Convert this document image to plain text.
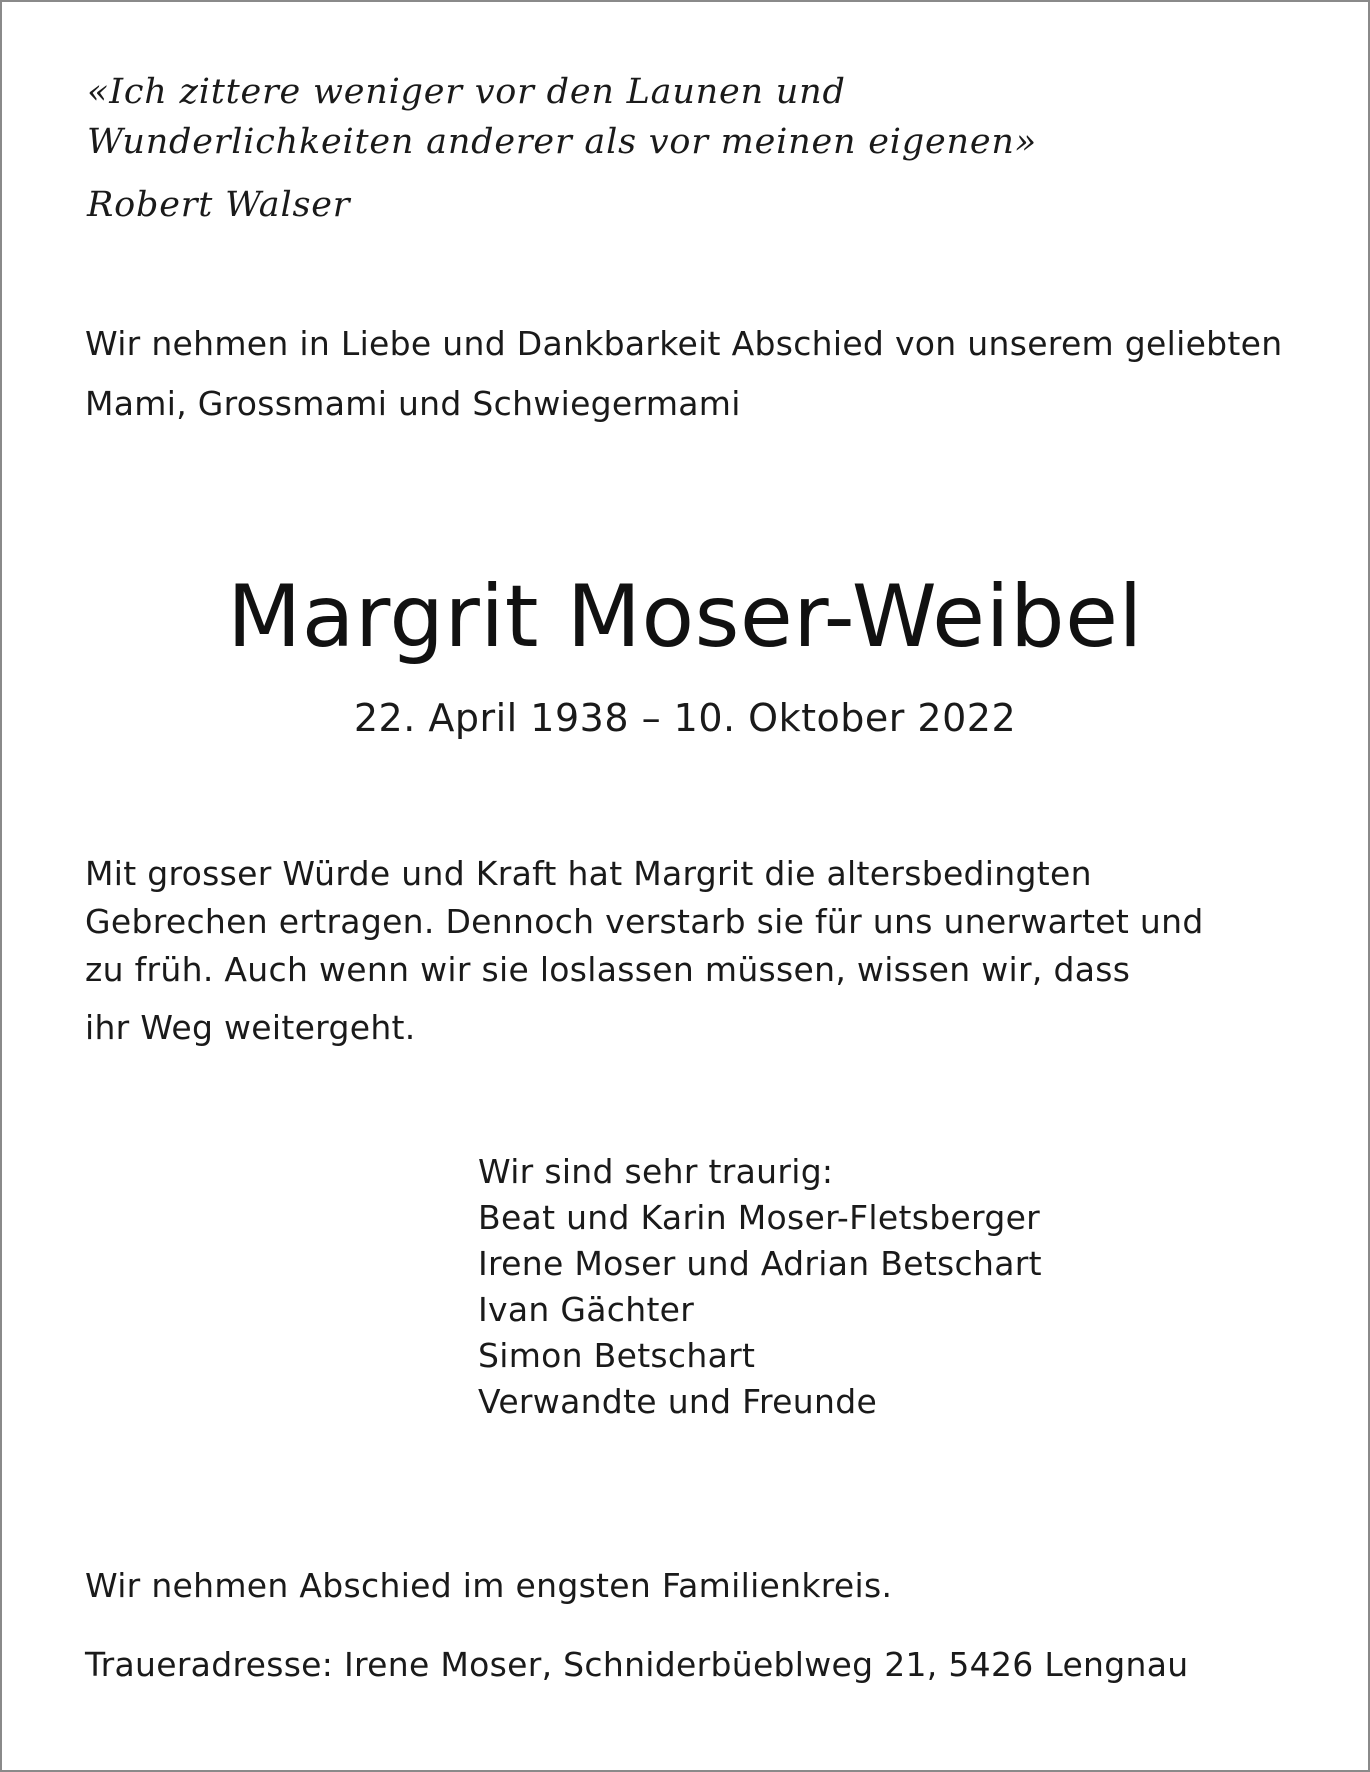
«Ich zittere weniger vor den Launen und
Wunderlichkeiten anderer als vor meinen eigenen»
Robert Walser
Wir nehmen in Liebe und Dankbarkeit Abschied von unserem geliebten
Mami, Grossmami und Schwiegermami
Margrit Moser-Weibel
22. April 1938 – 10. Oktober 2022
Mit grosser Würde und Kraft hat Margrit die altersbedingten
Gebrechen ertragen. Dennoch verstarb sie für uns unerwartet und
zu früh. Auch wenn wir sie loslassen müssen, wissen wir, dass
ihr Weg weitergeht.
Wir sind sehr traurig:
Beat und Karin Moser-Fletsberger
Irene Moser und Adrian Betschart
Ivan Gächter
Simon Betschart
Verwandte und Freunde
Wir nehmen Abschied im engsten Familienkreis.
Traueradresse: Irene Moser, Schniderbüeblweg 21, 5426 Lengnau
